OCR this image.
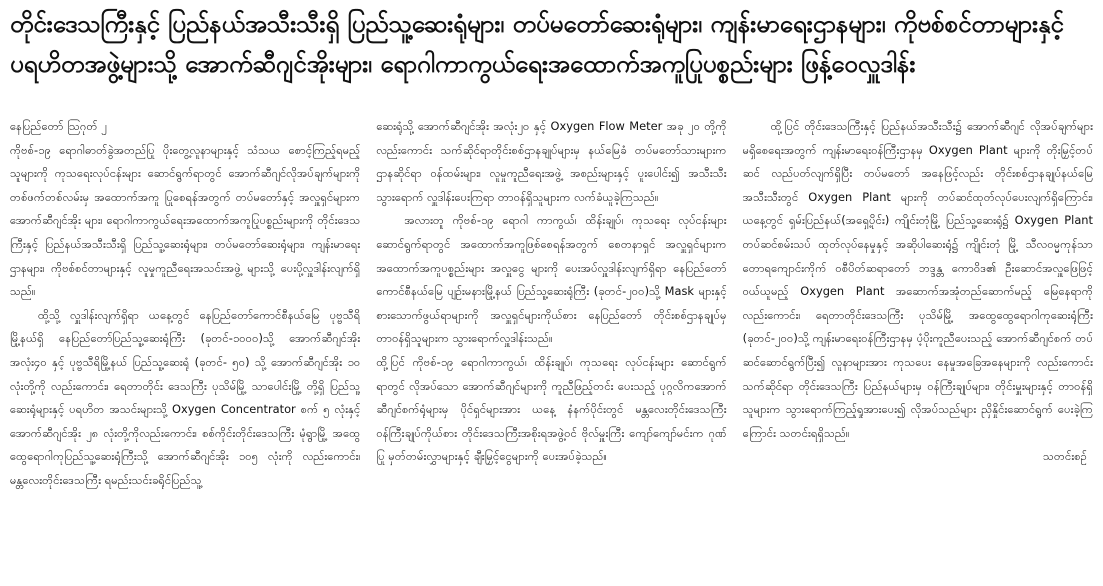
တိုင်းဒေသကြီးနှင့် ပြည်နယ်အသီးသီးရှိ ပြည်သူ့ဆေးရုံများ၊ တပ်မတော်ဆေးရုံများ၊ ကျန်းမာရေးဌာနများ၊ ကိုဗစ်စင်တာများနှင့်
ပရဟိတအဖွဲ့များသို့ အောက်ဆီဂျင်အိုးများ၊ ရောဂါကာကွယ်ရေးအထောက်အကူပြုပစ္စည်းများ ဖြန့်ဝေလှူဒါန်း

နေပြည်တော် ဩဂုတ် ၂

ကိုဗစ်-၁၉ ရောဂါဓာတ်ခွဲအတည်ပြု ပိုးတွေ့လူနာများနှင့် သံသယ စောင့်ကြည့်ရမည့်သူများကို ကုသရေးလုပ်ငန်းများ ဆောင်ရွက်ရာတွင် အောက်ဆီဂျင်လိုအပ်ချက်များကို တစ်ဖက်တစ်လမ်းမှ အထောက်အကူ ပြုစေရန်အတွက် တပ်မတော်နှင့် အလှူရှင်များက အောက်ဆီဂျင်အိုး များ၊ ရောဂါကာကွယ်ရေးအထောက်အကူပြုပစ္စည်းများကို တိုင်းဒေသ ကြီးနှင့် ပြည်နယ်အသီးသီးရှိ ပြည်သူ့ဆေးရုံများ၊ တပ်မတော်ဆေးရုံများ၊ ကျန်းမာရေးဌာနများ၊ ကိုဗစ်စင်တာများနှင့် လူမှုကူညီရေးအသင်းအဖွဲ့ များသို့ ပေးပို့လှူဒါန်းလျက်ရှိသည်။

ထို့သို့ လှူဒါန်းလျက်ရှိရာ ယနေ့တွင် နေပြည်တော်ကောင်စီနယ်မြေ ပုဗ္ဗသီရိမြို့နယ်ရှိ နေပြည်တော်ပြည်သူ့ဆေးရုံကြီး (ခုတင်-၁၀၀၀)သို့ အောက်ဆီဂျင်အိုး အလုံး၄၀ နှင့် ပုဗ္ဗသီရိမြို့နယ် ပြည်သူ့ဆေးရုံ (ခုတင်- ၅၀) သို့ အောက်ဆီဂျင်အိုး ၁၀ လုံးတို့ကို လည်းကောင်း၊ ရေတာတိုင်း ဒေသကြီး ပုသိမ်မြို့ သာပေါင်းမြို့ တို့ရှိ ပြည်သူ့ဆေးရုံများနှင့် ပရဟိတ အသင်းများသို့ Oxygen Concentrator စက် ၅ လုံးနှင့် အောက်ဆီဂျင်အိုး ၂၈ လုံးတို့ကိုလည်းကောင်း၊ စစ်ကိုင်းတိုင်းဒေသကြီး မုံရွာမြို့ အထွေ ထွေရောဂါကုပြည်သူ့ဆေးရုံကြီးသို့ အောက်ဆီဂျင်အိုး ၁၀၅ လုံးကို လည်းကောင်း၊ မန္တလေးတိုင်းဒေသကြီး ရမည်းသင်းခရိုင်ပြည်သူ့

ဆေးရုံသို့ အောက်ဆီဂျင်အိုး အလုံး၂၀ နှင့် Oxygen Flow Meter အခု ၂၀ တို့ကို လည်းကောင်း သက်ဆိုင်ရာတိုင်းစစ်ဌာနချုပ်များမှ နယ်မြေခံ တပ်မတော်သားများက ဌာနဆိုင်ရာ ဝန်ထမ်းများ၊ လူမှုကူညီရေးအဖွဲ့ အစည်းများနှင့် ပူးပေါင်း၍ အသီးသီးသွားရောက် လှူဒါန်းပေးကြရာ တာဝန်ရှိသူများက လက်ခံယူခဲ့ကြသည်။

အလားတူ ကိုဗစ်-၁၉ ရောဂါ ကာကွယ်၊ ထိန်းချုပ်၊ ကုသရေး လုပ်ငန်းများဆောင်ရွက်ရာတွင် အထောက်အကူဖြစ်စေရန်အတွက် စေတနာရှင် အလှူရှင်များက အထောက်အကူပစ္စည်းများ အလှူငွေ များကို ပေးအပ်လှူဒါန်းလျက်ရှိရာ နေပြည်တော်ကောင်စီနယ်မြေ ပျဉ်းမနားမြို့နယ် ပြည်သူ့ဆေးရုံကြီး (ခုတင်-၂၀၀)သို့ Mask များနှင့် စားသောက်ဖွယ်ရာများကို အလှူရှင်များကိုယ်စား နေပြည်တော် တိုင်းစစ်ဌာနချုပ်မှ တာဝန်ရှိသူများက သွားရောက်လှူဒါန်းသည်။

ထို့ပြင် ကိုဗစ်-၁၉ ရောဂါကာကွယ်၊ ထိန်းချုပ်၊ ကုသရေး လုပ်ငန်းများ ဆောင်ရွက်ရာတွင် လိုအပ်သော အောက်ဆီဂျင်များကို ကူညီဖြည့်တင်း ပေးသည့် ပုဂ္ဂလိကအောက်ဆီဂျင်စက်ရုံများမှ ပိုင်ရှင်များအား ယနေ့ နံနက်ပိုင်းတွင် မန္တလေးတိုင်းဒေသကြီးဝန်ကြီးချုပ်ကိုယ်စား တိုင်းဒေသကြီးအစိုးရအဖွဲ့ဝင် ဗိုလ်မှူးကြီး ကျော်ကျော်မင်းက ဂုဏ်ပြု မှတ်တမ်းလွှာများနှင့် ချီးမြှင့်ငွေများကို ပေးအပ်ခဲ့သည်။

ထို့ပြင် တိုင်းဒေသကြီးနှင့် ပြည်နယ်အသီးသီး၌ အောက်ဆီဂျင် လိုအပ်ချက်များ မရှိစေရေးအတွက် ကျန်းမာရေးဝန်ကြီးဌာနမှ Oxygen Plant များကို တိုးမြှင့်တပ်ဆင် လည်ပတ်လျက်ရှိပြီး တပ်မတော် အနေဖြင့်လည်း တိုင်းစစ်ဌာနချုပ်နယ်မြေအသီးသီးတွင် Oxygen Plant များကို တပ်ဆင်ထုတ်လုပ်ပေးလျက်ရှိကြောင်း၊ ယနေ့တွင် ရှမ်းပြည်နယ်(အရှေ့ပိုင်း) ကျိုင်းတုံမြို့ ပြည်သူ့ဆေးရုံ၌ Oxygen Plant တပ်ဆင်စမ်းသပ် ထုတ်လုပ်နေမှုနှင့် အဆိုပါဆေးရုံ၌ ကျိုင်းတုံ မြို့ သီလဝမ္မကုန်သာတောရကျောင်းကိုက် ဝစီပိတ်ဆရာတော် ဘဒ္ဒန္တ ကောဝိဒ၏ ဦးဆောင်အလှူဖြေဖြင့် ဝယ်ယူမည့် Oxygen Plant အဆောက်အအုံတည်ဆောက်မည့် မြေနေရာကိုလည်းကောင်း၊ ရေတာတိုင်းဒေသကြီး ပုသိမ်မြို့ အထွေထွေရောဂါကုဆေးရုံကြီး (ခုတင်-၂၀၀)သို့ ကျန်းမာရေးဝန်ကြီးဌာနမှ ပံ့ပိုးကူညီပေးသည့် အောက်ဆီဂျင်စက် တပ်ဆင်ဆောင်ရွက်ပြီး၍ လူနာများအား ကုသပေး နေမှုအခြေအနေများကို လည်းကောင်း သက်ဆိုင်ရာ တိုင်းဒေသကြီး ပြည်နယ်များမှ ဝန်ကြီးချုပ်များ၊ တိုင်းမှူးများနှင့် တာဝန်ရှိသူများက သွားရောက်ကြည့်ရှုအားပေး၍ လိုအပ်သည်များ ညှိနှိုင်းဆောင်ရွက် ပေးခဲ့ကြကြောင်း သတင်းရရှိသည်။

သတင်းစဉ်
